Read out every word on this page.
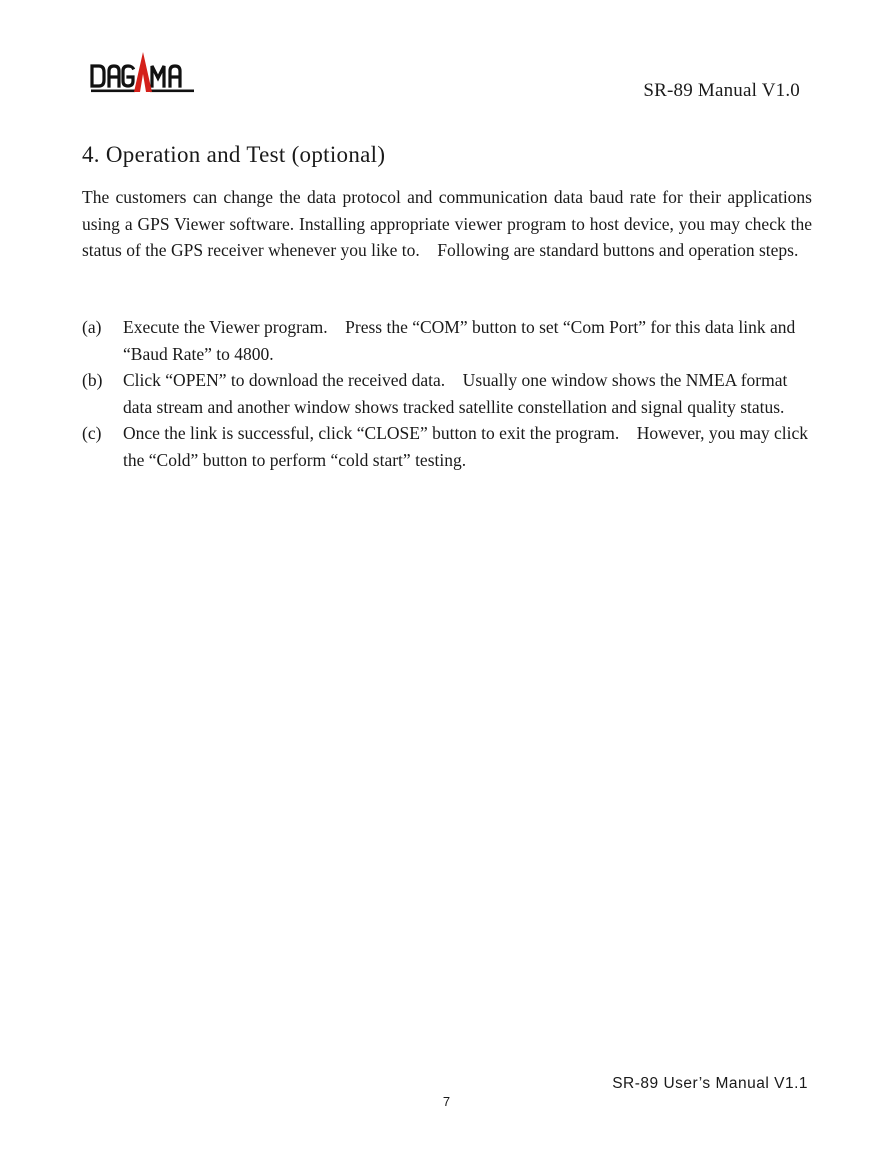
SR-89 Manual V1.0
4. Operation and Test (optional)

The customers can change the data protocol and communication data baud rate for their applications using a GPS Viewer software. Installing appropriate viewer program to host device, you may check the status of the GPS receiver whenever you like to.　Following are standard buttons and operation steps.

(a)	Execute the Viewer program.　Press the “COM” button to set “Com Port” for this data link and “Baud Rate” to 4800.
(b)	Click “OPEN” to download the received data.　Usually one window shows the NMEA format data stream and another window shows tracked satellite constellation and signal quality status.
(c)	Once the link is successful, click “CLOSE” button to exit the program.　However, you may click the “Cold” button to perform “cold start” testing.
SR-89 User’s Manual V1.1
7
